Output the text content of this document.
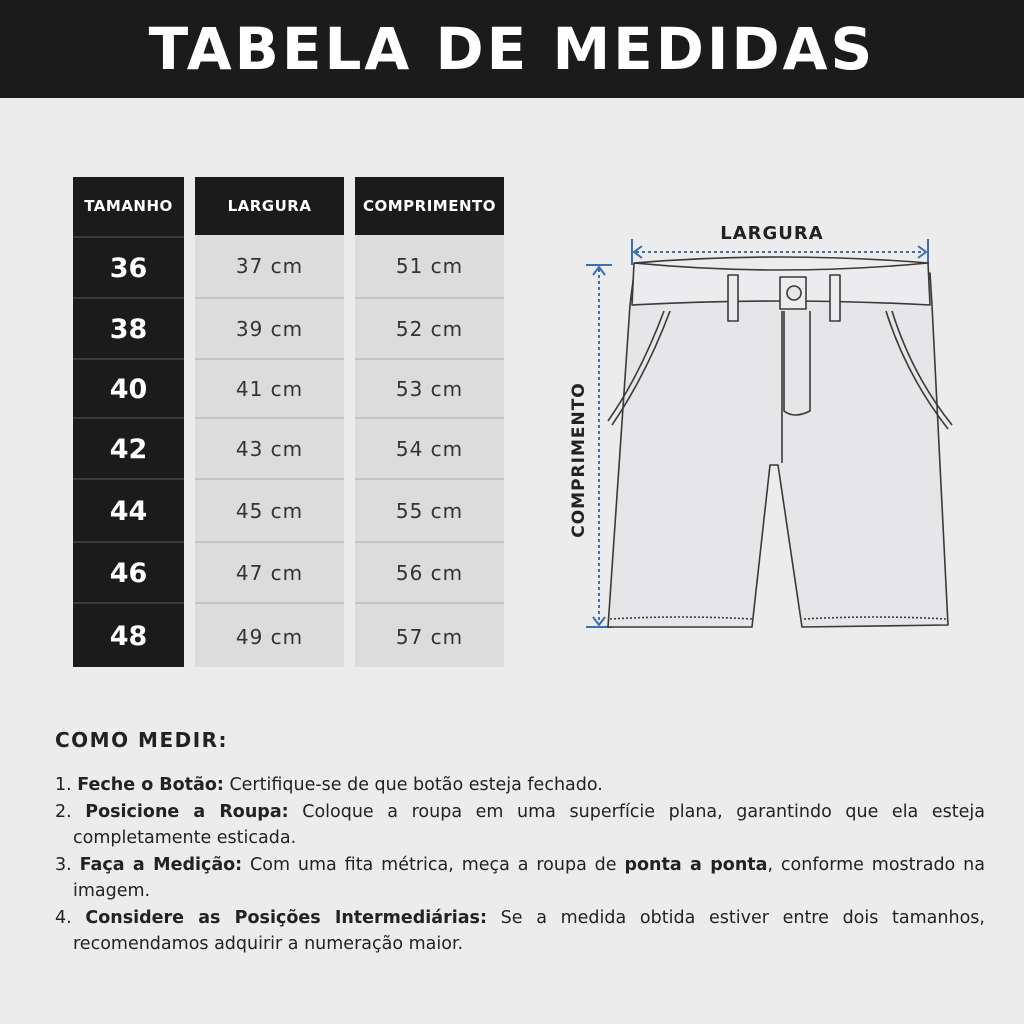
TABELA DE MEDIDAS
TAMANHO
36
38
40
42
44
46
48
LARGURA
37 cm
39 cm
41 cm
43 cm
45 cm
47 cm
49 cm
COMPRIMENTO
51 cm
52 cm
53 cm
54 cm
55 cm
56 cm
57 cm
LARGURA
COMPRIMENTO
COMO MEDIR:
1. Feche o Botão: Certifique-se de que botão esteja fechado.
2. Posicione a Roupa: Coloque a roupa em uma superfície plana, garantindo que ela esteja completamente esticada.
3. Faça a Medição: Com uma fita métrica, meça a roupa de ponta a ponta, conforme mostrado na imagem.
4. Considere as Posições Intermediárias: Se a medida obtida estiver entre dois tamanhos, recomendamos adquirir a numeração maior.
